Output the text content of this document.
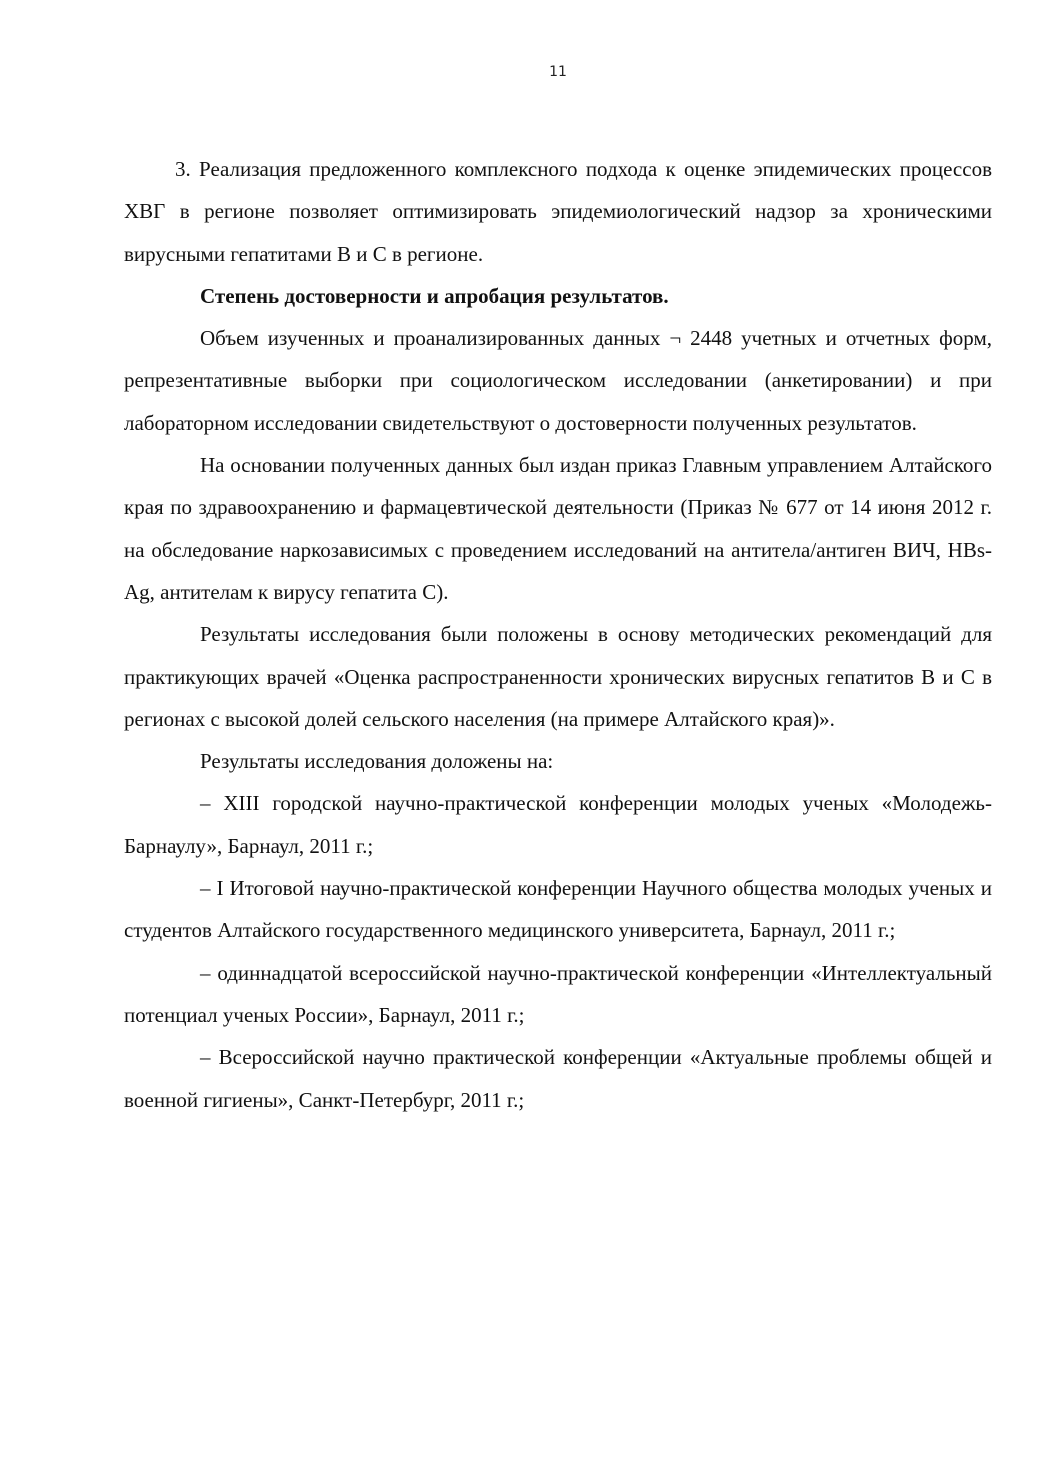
11

3. Реализация предложенного комплексного подхода к оценке эпидемических процессов ХВГ в регионе позволяет оптимизировать эпидемиологический надзор за хроническими вирусными гепатитами В и С в регионе.

Степень достоверности и апробация результатов.

Объем изученных и проанализированных данных ¬ 2448 учетных и отчетных форм, репрезентативные выборки при социологическом исследовании (анкетировании) и при лабораторном исследовании свидетельствуют о достоверности полученных результатов.

На основании полученных данных был издан приказ Главным управлением Алтайского края по здравоохранению и фармацевтической деятельности (Приказ № 677 от 14 июня 2012 г. на обследование наркозависимых с проведением исследований на антитела/антиген ВИЧ, HBs-Ag, антителам к вирусу гепатита С).

Результаты исследования были положены в основу методических рекомендаций для практикующих врачей «Оценка распространенности хронических вирусных гепатитов В и С в регионах с высокой долей сельского населения (на примере Алтайского края)».

Результаты исследования доложены на:

– XIII городской научно-практической конференции молодых ученых «Молодежь-Барнаулу», Барнаул, 2011 г.;

– I Итоговой научно-практической конференции Научного общества молодых ученых и студентов Алтайского государственного медицинского университета, Барнаул, 2011 г.;

– одиннадцатой всероссийской научно-практической конференции «Интеллектуальный потенциал ученых России», Барнаул, 2011 г.;

– Всероссийской научно практической конференции «Актуальные проблемы общей и военной гигиены», Санкт-Петербург, 2011 г.;
